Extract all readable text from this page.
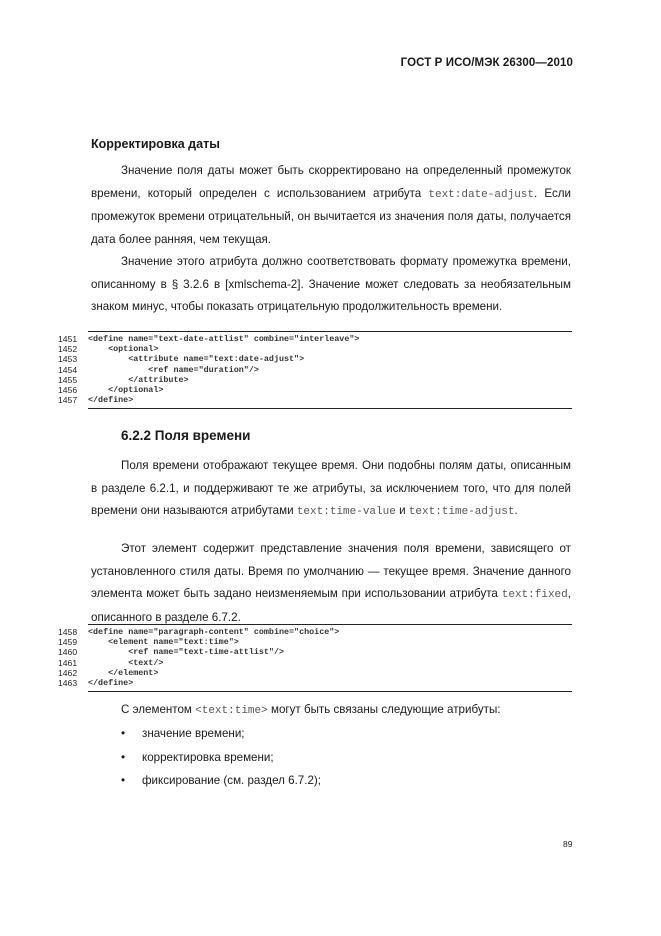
ГОСТ Р ИСО/МЭК 26300—2010
Корректировка даты
Значение поля даты может быть скорректировано на определенный промежуток времени, который определен с использованием атрибута text:date-adjust. Если промежуток времени отрицательный, он вычитается из значения поля даты, получается дата более ранняя, чем текущая.
Значение этого атрибута должно соответствовать формату промежутка времени, описанному в § 3.2.6 в [xmlschema-2]. Значение может следовать за необязательным знаком минус, чтобы показать отрицательную продолжительность времени.
1451	<define name="text-date-attlist" combine="interleave">
1452	<optional>
1453	<attribute name="text:date-adjust">
1454	<ref name="duration"/>
1455	</attribute>
1456	</optional>
1457	</define>
6.2.2 Поля времени
Поля времени отображают текущее время. Они подобны полям даты, описанным в разделе 6.2.1, и поддерживают те же атрибуты, за исключением того, что для полей времени они называются атрибутами text:time-value и text:time-adjust.
Этот элемент содержит представление значения поля времени, зависящего от установленного стиля даты. Время по умолчанию — текущее время. Значение данного элемента может быть задано неизменяемым при использовании атрибута text:fixed, описанного в разделе 6.7.2.
1458	<define name="paragraph-content" combine="choice">
1459	<element name="text:time">
1460	<ref name="text-time-attlist"/>
1461	<text/>
1462	</element>
1463	</define>
С элементом <text:time> могут быть связаны следующие атрибуты:
• значение времени;
• корректировка времени;
• фиксирование (см. раздел 6.7.2);
89
